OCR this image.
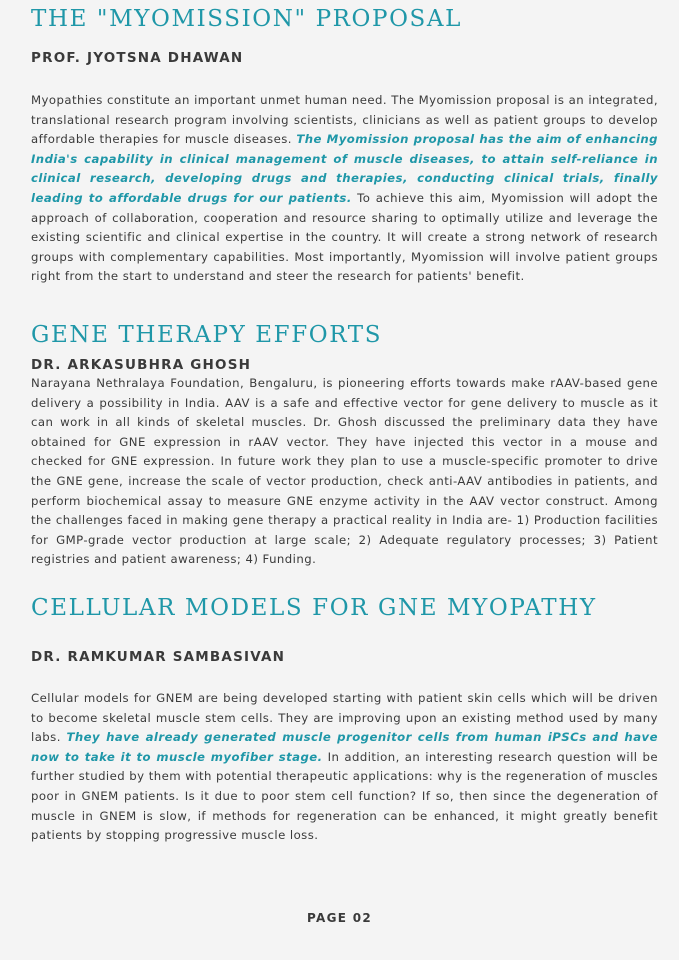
THE "MYOMISSION" PROPOSAL
PROF. JYOTSNA DHAWAN

Myopathies constitute an important unmet human need. The Myomission proposal is an integrated, translational research program involving scientists, clinicians as well as patient groups to develop affordable therapies for muscle diseases. The Myomission proposal has the aim of enhancing India's capability in clinical management of muscle diseases, to attain self-reliance in clinical research, developing drugs and therapies, conducting clinical trials, finally leading to affordable drugs for our patients. To achieve this aim, Myomission will adopt the approach of collaboration, cooperation and resource sharing to optimally utilize and leverage the existing scientific and clinical expertise in the country. It will create a strong network of research groups with complementary capabilities. Most importantly, Myomission will involve patient groups right from the start to understand and steer the research for patients' benefit.

GENE THERAPY EFFORTS
DR. ARKASUBHRA GHOSH

Narayana Nethralaya Foundation, Bengaluru, is pioneering efforts towards make rAAV-based gene delivery a possibility in India. AAV is a safe and effective vector for gene delivery to muscle as it can work in all kinds of skeletal muscles. Dr. Ghosh discussed the preliminary data they have obtained for GNE expression in rAAV vector. They have injected this vector in a mouse and checked for GNE expression. In future work they plan to use a muscle-specific promoter to drive the GNE gene, increase the scale of vector production, check anti-AAV antibodies in patients, and perform biochemical assay to measure GNE enzyme activity in the AAV vector construct. Among the challenges faced in making gene therapy a practical reality in India are- 1) Production facilities for GMP-grade vector production at large scale; 2) Adequate regulatory processes; 3) Patient registries and patient awareness; 4) Funding.

CELLULAR MODELS FOR GNE MYOPATHY
DR. RAMKUMAR SAMBASIVAN

Cellular models for GNEM are being developed starting with patient skin cells which will be driven to become skeletal muscle stem cells. They are improving upon an existing method used by many labs. They have already generated muscle progenitor cells from human iPSCs and have now to take it to muscle myofiber stage. In addition, an interesting research question will be further studied by them with potential therapeutic applications: why is the regeneration of muscles poor in GNEM patients. Is it due to poor stem cell function? If so, then since the degeneration of muscle in GNEM is slow, if methods for regeneration can be enhanced, it might greatly benefit patients by stopping progressive muscle loss.

PAGE 02
